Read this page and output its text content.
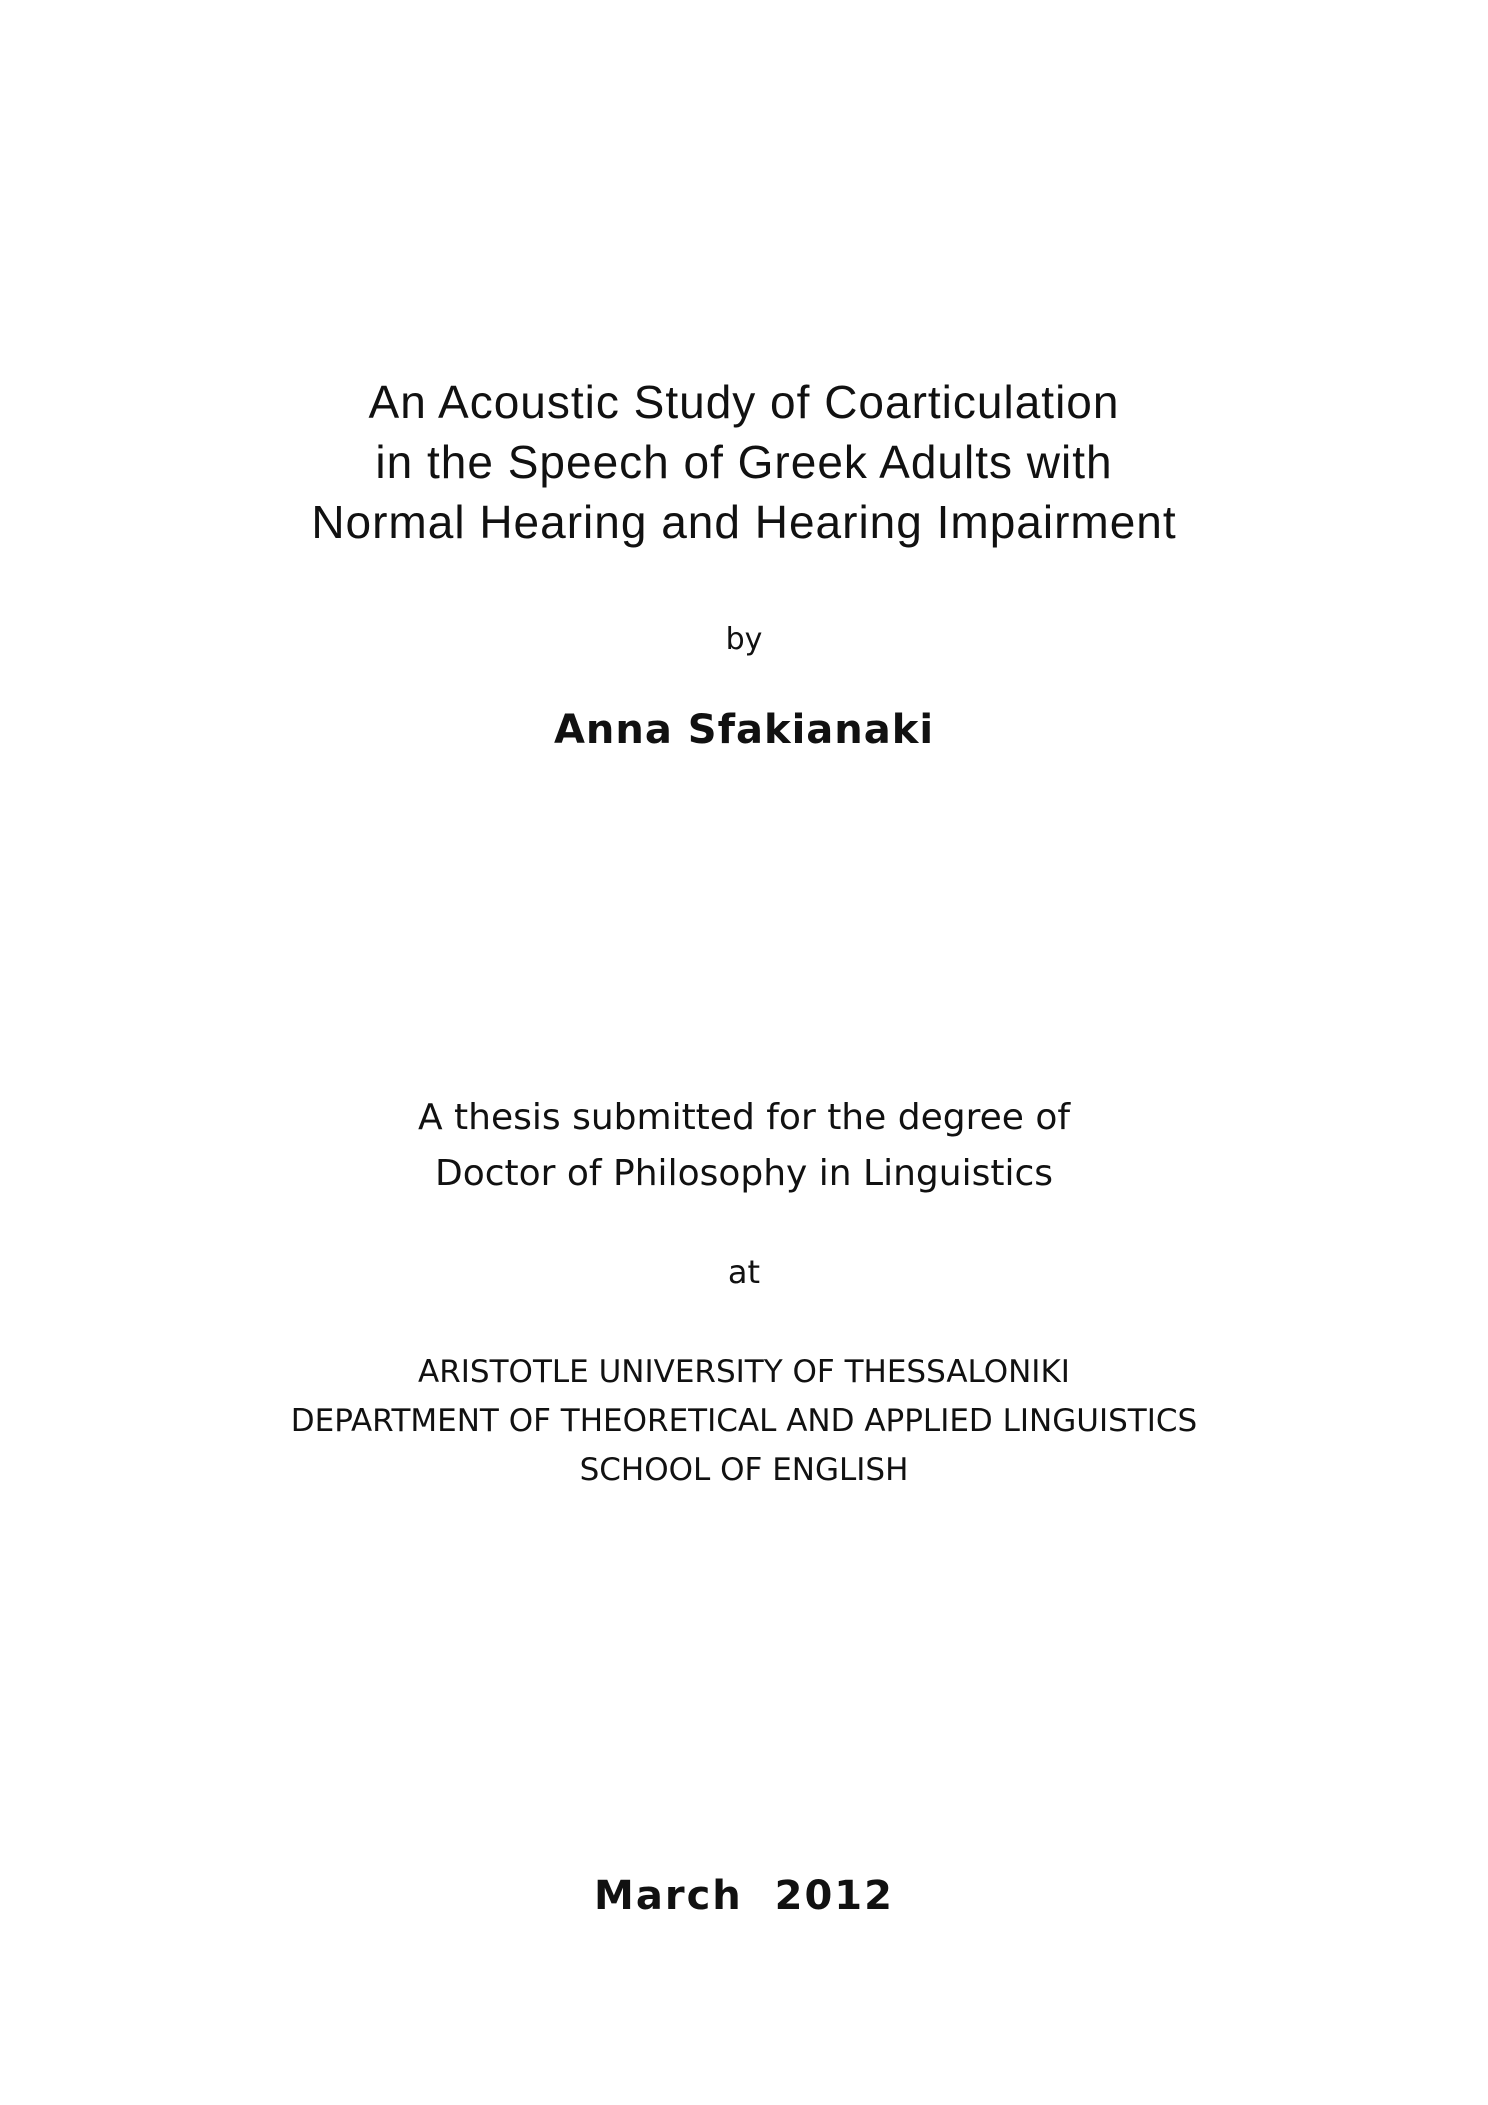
An Acoustic Study of Coarticulation
in the Speech of Greek Adults with
Normal Hearing and Hearing Impairment
by
Anna Sfakianaki
A thesis submitted for the degree of
Doctor of Philosophy in Linguistics
at
ARISTOTLE UNIVERSITY OF THESSALONIKI
DEPARTMENT OF THEORETICAL AND APPLIED LINGUISTICS
SCHOOL OF ENGLISH
March  2012
